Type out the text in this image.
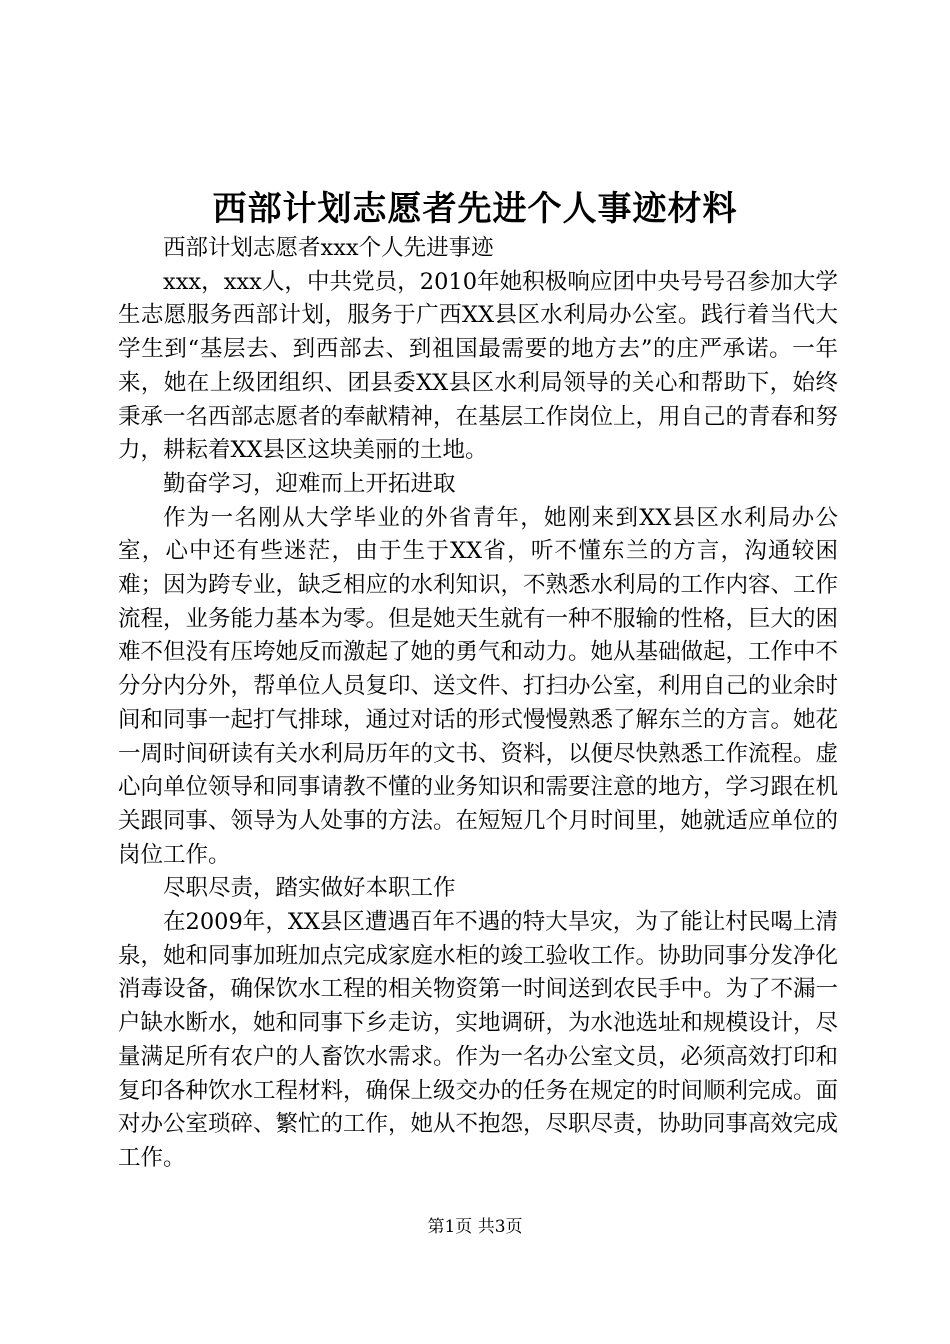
西部计划志愿者先进个人事迹材料

西部计划志愿者xxx个人先进事迹

xxx，xxx人，中共党员，2010年她积极响应团中央号号召参加大学生志愿服务西部计划，服务于广西XX县区水利局办公室。践行着当代大学生到“基层去、到西部去、到祖国最需要的地方去”的庄严承诺。一年来，她在上级团组织、团县委XX县区水利局领导的关心和帮助下，始终秉承一名西部志愿者的奉献精神，在基层工作岗位上，用自己的青春和努力，耕耘着XX县区这块美丽的土地。

勤奋学习，迎难而上开拓进取

作为一名刚从大学毕业的外省青年，她刚来到XX县区水利局办公室，心中还有些迷茫，由于生于XX省，听不懂东兰的方言，沟通较困难；因为跨专业，缺乏相应的水利知识，不熟悉水利局的工作内容、工作流程，业务能力基本为零。但是她天生就有一种不服输的性格，巨大的困难不但没有压垮她反而激起了她的勇气和动力。她从基础做起，工作中不分分内分外，帮单位人员复印、送文件、打扫办公室，利用自己的业余时间和同事一起打气排球，通过对话的形式慢慢熟悉了解东兰的方言。她花一周时间研读有关水利局历年的文书、资料，以便尽快熟悉工作流程。虚心向单位领导和同事请教不懂的业务知识和需要注意的地方，学习跟在机关跟同事、领导为人处事的方法。在短短几个月时间里，她就适应单位的岗位工作。

尽职尽责，踏实做好本职工作

在2009年，XX县区遭遇百年不遇的特大旱灾，为了能让村民喝上清泉，她和同事加班加点完成家庭水柜的竣工验收工作。协助同事分发净化消毒设备，确保饮水工程的相关物资第一时间送到农民手中。为了不漏一户缺水断水，她和同事下乡走访，实地调研，为水池选址和规模设计，尽量满足所有农户的人畜饮水需求。作为一名办公室文员，必须高效打印和复印各种饮水工程材料，确保上级交办的任务在规定的时间顺利完成。面对办公室琐碎、繁忙的工作，她从不抱怨，尽职尽责，协助同事高效完成工作。

第1页 共3页
